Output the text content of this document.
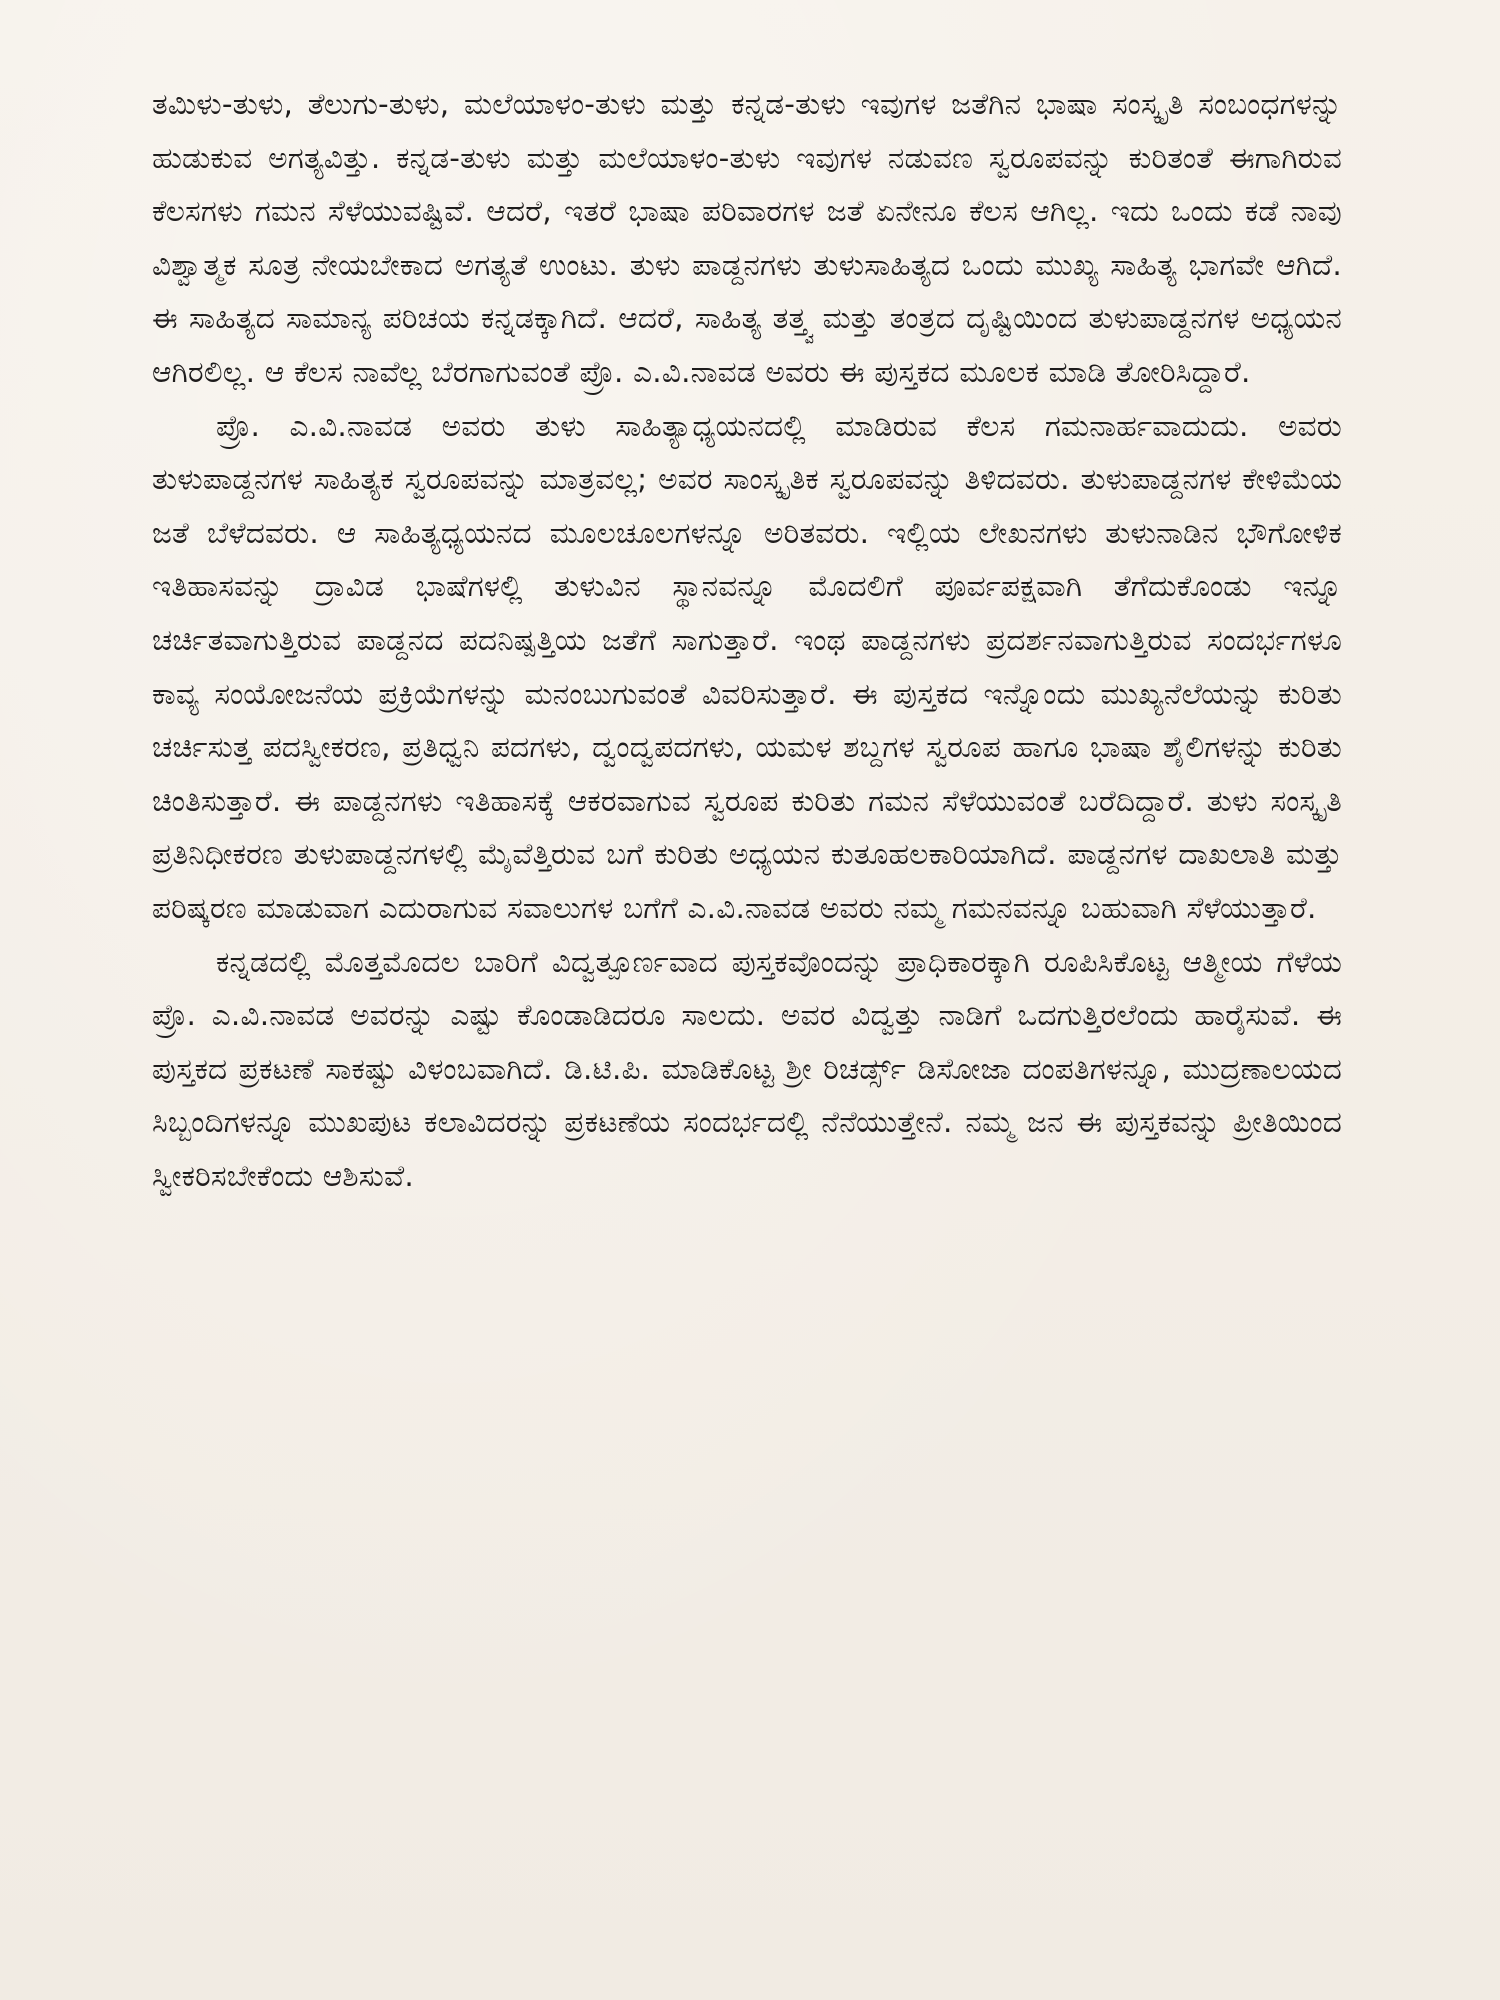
ತಮಿಳು-ತುಳು, ತೆಲುಗು-ತುಳು, ಮಲೆಯಾಳಂ-ತುಳು ಮತ್ತು ಕನ್ನಡ-ತುಳು ಇವುಗಳ ಜತೆಗಿನ ಭಾಷಾ ಸಂಸ್ಕೃತಿ ಸಂಬಂಧಗಳನ್ನು ಹುಡುಕುವ ಅಗತ್ಯವಿತ್ತು. ಕನ್ನಡ-ತುಳು ಮತ್ತು ಮಲೆಯಾಳಂ-ತುಳು ಇವುಗಳ ನಡುವಣ ಸ್ವರೂಪವನ್ನು ಕುರಿತಂತೆ ಈಗಾಗಿರುವ ಕೆಲಸಗಳು ಗಮನ ಸೆಳೆಯುವಷ್ಟಿವೆ. ಆದರೆ, ಇತರೆ ಭಾಷಾ ಪರಿವಾರಗಳ ಜತೆ ಏನೇನೂ ಕೆಲಸ ಆಗಿಲ್ಲ. ಇದು ಒಂದು ಕಡೆ ನಾವು ವಿಶ್ವಾತ್ಮಕ ಸೂತ್ರ ನೇಯಬೇಕಾದ ಅಗತ್ಯತೆ ಉಂಟು. ತುಳು ಪಾಡ್ದನಗಳು ತುಳುಸಾಹಿತ್ಯದ ಒಂದು ಮುಖ್ಯ ಸಾಹಿತ್ಯ ಭಾಗವೇ ಆಗಿದೆ. ಈ ಸಾಹಿತ್ಯದ ಸಾಮಾನ್ಯ ಪರಿಚಯ ಕನ್ನಡಕ್ಕಾಗಿದೆ. ಆದರೆ, ಸಾಹಿತ್ಯ ತತ್ತ್ವ ಮತ್ತು ತಂತ್ರದ ದೃಷ್ಟಿಯಿಂದ ತುಳುಪಾಡ್ದನಗಳ ಅಧ್ಯಯನ ಆಗಿರಲಿಲ್ಲ. ಆ ಕೆಲಸ ನಾವೆಲ್ಲ ಬೆರಗಾಗುವಂತೆ ಪ್ರೊ. ಎ.ವಿ.ನಾವಡ ಅವರು ಈ ಪುಸ್ತಕದ ಮೂಲಕ ಮಾಡಿ ತೋರಿಸಿದ್ದಾರೆ.

ಪ್ರೊ. ಎ.ವಿ.ನಾವಡ ಅವರು ತುಳು ಸಾಹಿತ್ಯಾಧ್ಯಯನದಲ್ಲಿ ಮಾಡಿರುವ ಕೆಲಸ ಗಮನಾರ್ಹವಾದುದು. ಅವರು ತುಳುಪಾಡ್ದನಗಳ ಸಾಹಿತ್ಯಕ ಸ್ವರೂಪವನ್ನು ಮಾತ್ರವಲ್ಲ; ಅವರ ಸಾಂಸ್ಕೃತಿಕ ಸ್ವರೂಪವನ್ನು ತಿಳಿದವರು. ತುಳುಪಾಡ್ದನಗಳ ಕೇಳಿಮೆಯ ಜತೆ ಬೆಳೆದವರು. ಆ ಸಾಹಿತ್ಯಧ್ಯಯನದ ಮೂಲಚೂಲಗಳನ್ನೂ ಅರಿತವರು. ಇಲ್ಲಿಯ ಲೇಖನಗಳು ತುಳುನಾಡಿನ ಭೌಗೋಳಿಕ ಇತಿಹಾಸವನ್ನು ದ್ರಾವಿಡ ಭಾಷೆಗಳಲ್ಲಿ ತುಳುವಿನ ಸ್ಥಾನವನ್ನೂ ಮೊದಲಿಗೆ ಪೂರ್ವಪಕ್ಷವಾಗಿ ತೆಗೆದುಕೊಂಡು ಇನ್ನೂ ಚರ್ಚಿತವಾಗುತ್ತಿರುವ ಪಾಡ್ದನದ ಪದನಿಷ್ಪತ್ತಿಯ ಜತೆಗೆ ಸಾಗುತ್ತಾರೆ. ಇಂಥ ಪಾಡ್ದನಗಳು ಪ್ರದರ್ಶನವಾಗುತ್ತಿರುವ ಸಂದರ್ಭಗಳೂ ಕಾವ್ಯ ಸಂಯೋಜನೆಯ ಪ್ರಕ್ರಿಯೆಗಳನ್ನು ಮನಂಬುಗುವಂತೆ ವಿವರಿಸುತ್ತಾರೆ. ಈ ಪುಸ್ತಕದ ಇನ್ನೊಂದು ಮುಖ್ಯನೆಲೆಯನ್ನು ಕುರಿತು ಚರ್ಚಿಸುತ್ತ ಪದಸ್ವೀಕರಣ, ಪ್ರತಿಧ್ವನಿ ಪದಗಳು, ದ್ವಂದ್ವಪದಗಳು, ಯಮಳ ಶಬ್ದಗಳ ಸ್ವರೂಪ ಹಾಗೂ ಭಾಷಾ ಶೈಲಿಗಳನ್ನು ಕುರಿತು ಚಿಂತಿಸುತ್ತಾರೆ. ಈ ಪಾಡ್ದನಗಳು ಇತಿಹಾಸಕ್ಕೆ ಆಕರವಾಗುವ ಸ್ವರೂಪ ಕುರಿತು ಗಮನ ಸೆಳೆಯುವಂತೆ ಬರೆದಿದ್ದಾರೆ. ತುಳು ಸಂಸ್ಕೃತಿ ಪ್ರತಿನಿಧೀಕರಣ ತುಳುಪಾಡ್ದನಗಳಲ್ಲಿ ಮೈವೆತ್ತಿರುವ ಬಗೆ ಕುರಿತು ಅಧ್ಯಯನ ಕುತೂಹಲಕಾರಿಯಾಗಿದೆ. ಪಾಡ್ದನಗಳ ದಾಖಲಾತಿ ಮತ್ತು ಪರಿಷ್ಕರಣ ಮಾಡುವಾಗ ಎದುರಾಗುವ ಸವಾಲುಗಳ ಬಗೆಗೆ ಎ.ವಿ.ನಾವಡ ಅವರು ನಮ್ಮ ಗಮನವನ್ನೂ ಬಹುವಾಗಿ ಸೆಳೆಯುತ್ತಾರೆ.

ಕನ್ನಡದಲ್ಲಿ ಮೊತ್ತಮೊದಲ ಬಾರಿಗೆ ವಿದ್ವತ್ಪೂರ್ಣವಾದ ಪುಸ್ತಕವೊಂದನ್ನು ಪ್ರಾಧಿಕಾರಕ್ಕಾಗಿ ರೂಪಿಸಿಕೊಟ್ಟ ಆತ್ಮೀಯ ಗೆಳೆಯ ಪ್ರೊ. ಎ.ವಿ.ನಾವಡ ಅವರನ್ನು ಎಷ್ಟು ಕೊಂಡಾಡಿದರೂ ಸಾಲದು. ಅವರ ವಿದ್ವತ್ತು ನಾಡಿಗೆ ಒದಗುತ್ತಿರಲೆಂದು ಹಾರೈಸುವೆ. ಈ ಪುಸ್ತಕದ ಪ್ರಕಟಣೆ ಸಾಕಷ್ಟು ವಿಳಂಬವಾಗಿದೆ. ಡಿ.ಟಿ.ಪಿ. ಮಾಡಿಕೊಟ್ಟ ಶ್ರೀ ರಿಚರ್ಡ್ಸ್ ಡಿಸೋಜಾ ದಂಪತಿಗಳನ್ನೂ, ಮುದ್ರಣಾಲಯದ ಸಿಬ್ಬಂದಿಗಳನ್ನೂ ಮುಖಪುಟ ಕಲಾವಿದರನ್ನು ಪ್ರಕಟಣೆಯ ಸಂದರ್ಭದಲ್ಲಿ ನೆನೆಯುತ್ತೇನೆ. ನಮ್ಮ ಜನ ಈ ಪುಸ್ತಕವನ್ನು ಪ್ರೀತಿಯಿಂದ ಸ್ವೀಕರಿಸಬೇಕೆಂದು ಆಶಿಸುವೆ.
